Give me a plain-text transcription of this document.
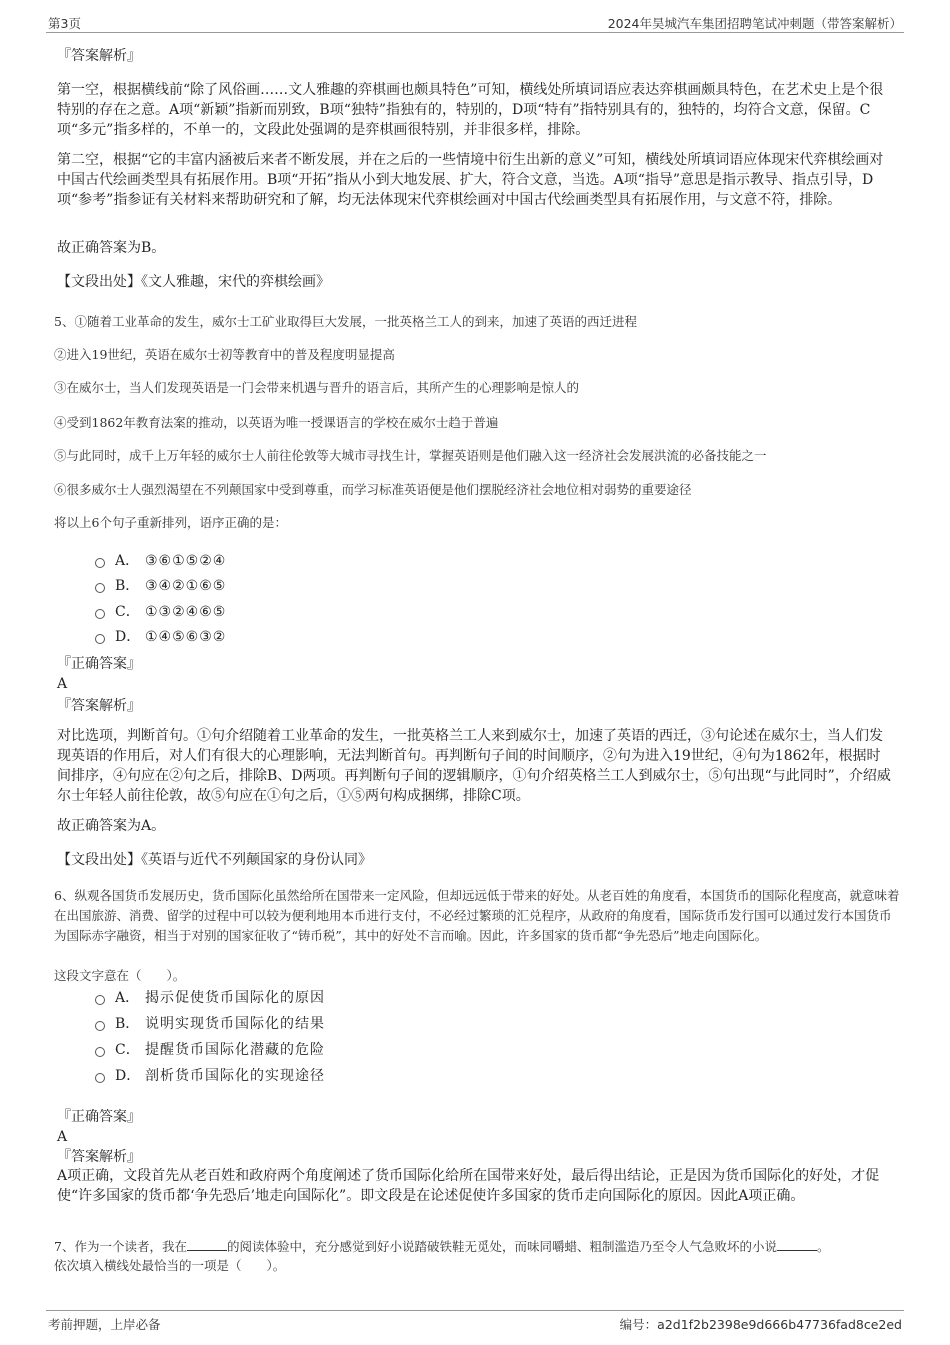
第3页	2024年昊城汽车集团招聘笔试冲刺题（带答案解析）
『答案解析』
第一空，根据横线前“除了风俗画……文人雅趣的弈棋画也颇具特色”可知，横线处所填词语应表达弈棋画颇具特色，在艺术史上是个很特别的存在之意。A项“新颖”指新而别致，B项“独特”指独有的，特别的，D项“特有”指特别具有的，独特的，均符合文意，保留。C项“多元”指多样的，不单一的，文段此处强调的是弈棋画很特别，并非很多样，排除。
第二空，根据“它的丰富内涵被后来者不断发展，并在之后的一些情境中衍生出新的意义”可知，横线处所填词语应体现宋代弈棋绘画对中国古代绘画类型具有拓展作用。B项“开拓”指从小到大地发展、扩大，符合文意，当选。A项“指导”意思是指示教导、指点引导，D项“参考”指参证有关材料来帮助研究和了解，均无法体现宋代弈棋绘画对中国古代绘画类型具有拓展作用，与文意不符，排除。
故正确答案为B。
【文段出处】《文人雅趣，宋代的弈棋绘画》
5、①随着工业革命的发生，威尔士工矿业取得巨大发展，一批英格兰工人的到来，加速了英语的西迁进程
②进入19世纪，英语在威尔士初等教育中的普及程度明显提高
③在威尔士，当人们发现英语是一门会带来机遇与晋升的语言后，其所产生的心理影响是惊人的
④受到1862年教育法案的推动，以英语为唯一授课语言的学校在威尔士趋于普遍
⑤与此同时，成千上万年轻的威尔士人前往伦敦等大城市寻找生计，掌握英语则是他们融入这一经济社会发展洪流的必备技能之一
⑥很多威尔士人强烈渴望在不列颠国家中受到尊重，而学习标准英语便是他们摆脱经济社会地位相对弱势的重要途径
将以上6个句子重新排列，语序正确的是：
A． ③⑥①⑤②④
B． ③④②①⑥⑤
C． ①③②④⑥⑤
D． ①④⑤⑥③②
『正确答案』
A
『答案解析』
对比选项，判断首句。①句介绍随着工业革命的发生，一批英格兰工人来到威尔士，加速了英语的西迁，③句论述在威尔士，当人们发现英语的作用后，对人们有很大的心理影响，无法判断首句。再判断句子间的时间顺序，②句为进入19世纪，④句为1862年，根据时间排序，④句应在②句之后，排除B、D两项。再判断句子间的逻辑顺序，①句介绍英格兰工人到威尔士，⑤句出现“与此同时”，介绍威尔士年轻人前往伦敦，故⑤句应在①句之后，①⑤两句构成捆绑，排除C项。
故正确答案为A。
【文段出处】《英语与近代不列颠国家的身份认同》
6、纵观各国货币发展历史，货币国际化虽然给所在国带来一定风险，但却远远低于带来的好处。从老百姓的角度看，本国货币的国际化程度高，就意味着在出国旅游、消费、留学的过程中可以较为便利地用本币进行支付，不必经过繁琐的汇兑程序，从政府的角度看，国际货币发行国可以通过发行本国货币为国际赤字融资，相当于对别的国家征收了“铸币税”，其中的好处不言而喻。因此，许多国家的货币都“争先恐后”地走向国际化。
这段文字意在（　　）。
A． 揭示促使货币国际化的原因
B． 说明实现货币国际化的结果
C． 提醒货币国际化潜藏的危险
D． 剖析货币国际化的实现途径
『正确答案』
A
『答案解析』
A项正确，文段首先从老百姓和政府两个角度阐述了货币国际化给所在国带来好处，最后得出结论，正是因为货币国际化的好处，才促使“许多国家的货币都‘争先恐后’地走向国际化”。即文段是在论述促使许多国家的货币走向国际化的原因。因此A项正确。
7、作为一个读者，我在	的阅读体验中，充分感觉到好小说踏破铁鞋无觅处，而味同嚼蜡、粗制滥造乃至令人气急败坏的小说	。
依次填入横线处最恰当的一项是（　　）。
考前押题，上岸必备	编号：a2d1f2b2398e9d666b47736fad8ce2ed
